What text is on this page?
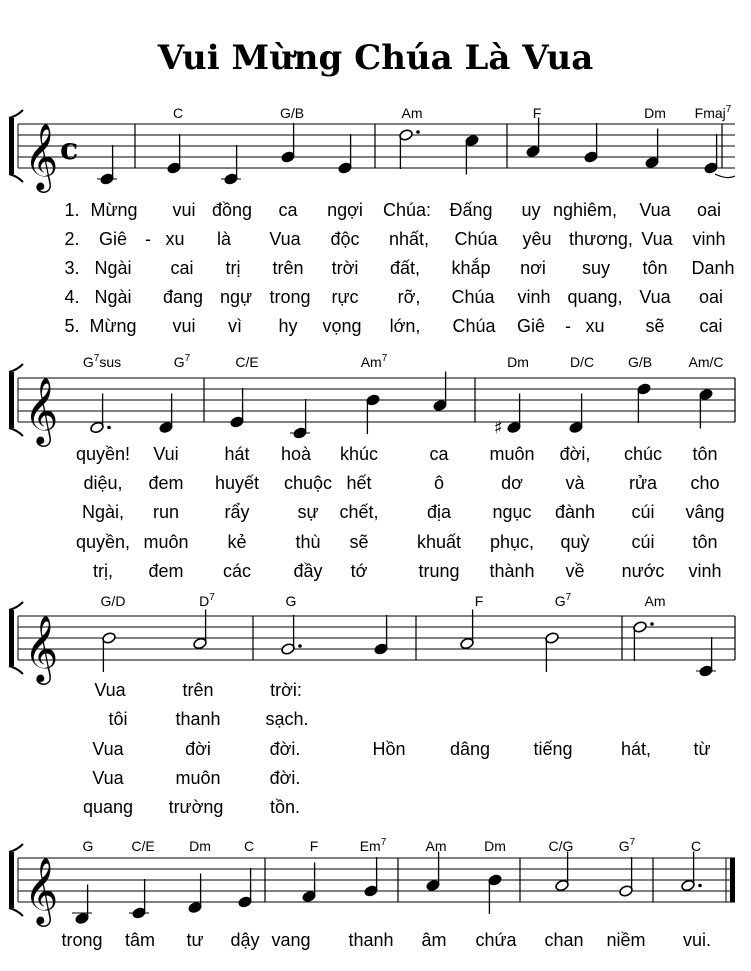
Vui Mừng Chúa Là Vua
𝄞 c
C	G/B	Am	F	Dm Fmaj$^7$
1. Mừng vui đồng ca ngợi Chúa: Đấng uy nghiêm, Vua oai
2. Giê - xu là Vua độc nhất, Chúa yêu thương, Vua vinh
3. Ngài cai trị trên trời đất, khắp nơi suy tôn Danh
4. Ngài đang ngự trong rực rỡ, Chúa vinh quang, Vua oai
5. Mừng vui vì hy vọng lớn, Chúa Giê - xu sẽ cai
𝄞	♯
$G^7sus$	$G^7$	C/E	Am$^7$	Dm	D/C G/B	Am/C
quyền! Vui	hát hoà khúc	ca muôn đời, chúc tôn
diệu, đem huyết chuộc hết	ô	dơ và rửa cho
Ngài, run	rẩy	sự chết,	địa ngục đành cúi vâng
quyền, muôn kẻ	thù sẽ	khuất phục, quỳ cúi tôn
trị, đem các đầy tớ	trung thành về nước vinh
𝄞
G/D	$D^7$	G	F	$G^7$	Am
Vua	trên	trời:
tôi	thanh sạch.
Vua	đời	đời.	Hồn dâng tiếng	hát, từ
Vua	muôn	đời.
quang trường	tồn.
𝄞
G	C/E Dm C	F	Em$^7$	Am	Dm	C/G	$G^7$	C
trong tâm tư dậy vang thanh âm chứa chan niềm vui.
